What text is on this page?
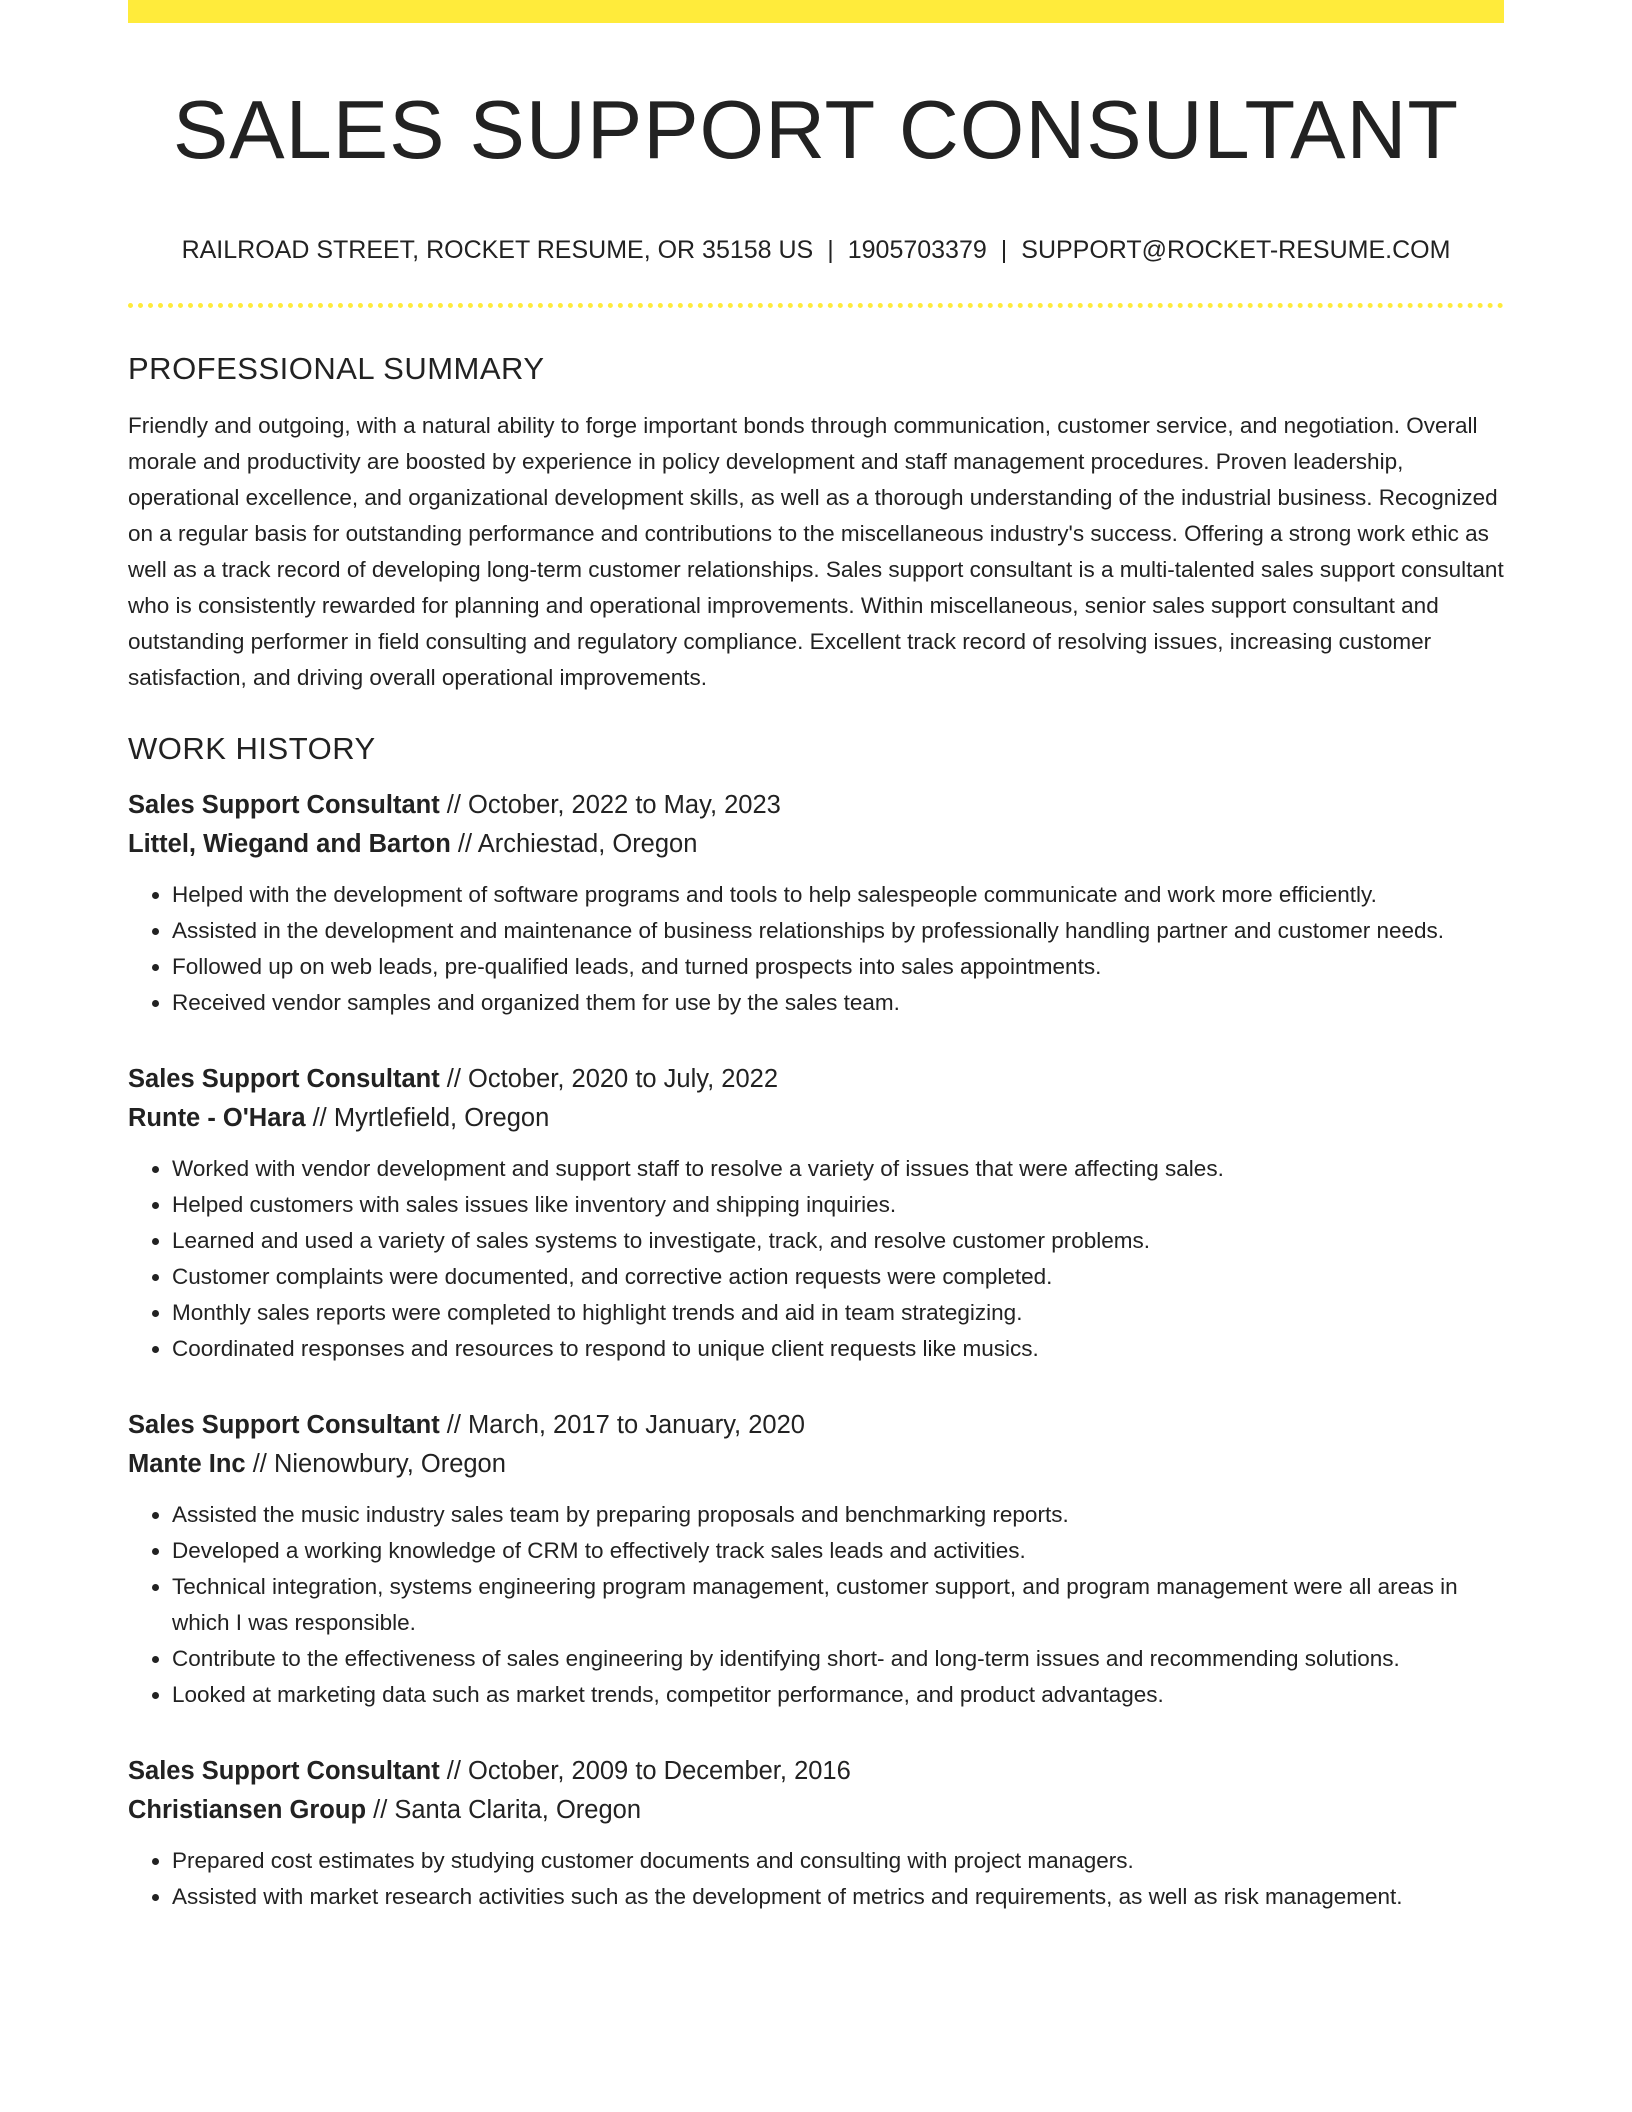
SALES SUPPORT CONSULTANT
RAILROAD STREET, ROCKET RESUME, OR 35158 US | 1905703379 | SUPPORT@ROCKET-RESUME.COM
PROFESSIONAL SUMMARY

Friendly and outgoing, with a natural ability to forge important bonds through communication, customer service, and negotiation. Overall morale and productivity are boosted by experience in policy development and staff management procedures. Proven leadership, operational excellence, and organizational development skills, as well as a thorough understanding of the industrial business. Recognized on a regular basis for outstanding performance and contributions to the miscellaneous industry's success. Offering a strong work ethic as well as a track record of developing long-term customer relationships. Sales support consultant is a multi-talented sales support consultant who is consistently rewarded for planning and operational improvements. Within miscellaneous, senior sales support consultant and outstanding performer in field consulting and regulatory compliance. Excellent track record of resolving issues, increasing customer satisfaction, and driving overall operational improvements.

WORK HISTORY
Sales Support Consultant // October, 2022 to May, 2023
Littel, Wiegand and Barton // Archiestad, Oregon
• Helped with the development of software programs and tools to help salespeople communicate and work more efficiently.
• Assisted in the development and maintenance of business relationships by professionally handling partner and customer needs.
• Followed up on web leads, pre-qualified leads, and turned prospects into sales appointments.
• Received vendor samples and organized them for use by the sales team.
Sales Support Consultant // October, 2020 to July, 2022
Runte - O'Hara // Myrtlefield, Oregon
• Worked with vendor development and support staff to resolve a variety of issues that were affecting sales.
• Helped customers with sales issues like inventory and shipping inquiries.
• Learned and used a variety of sales systems to investigate, track, and resolve customer problems.
• Customer complaints were documented, and corrective action requests were completed.
• Monthly sales reports were completed to highlight trends and aid in team strategizing.
• Coordinated responses and resources to respond to unique client requests like musics.
Sales Support Consultant // March, 2017 to January, 2020
Mante Inc // Nienowbury, Oregon
• Assisted the music industry sales team by preparing proposals and benchmarking reports.
• Developed a working knowledge of CRM to effectively track sales leads and activities.
• Technical integration, systems engineering program management, customer support, and program management were all areas in which I was responsible.
• Contribute to the effectiveness of sales engineering by identifying short- and long-term issues and recommending solutions.
• Looked at marketing data such as market trends, competitor performance, and product advantages.
Sales Support Consultant // October, 2009 to December, 2016
Christiansen Group // Santa Clarita, Oregon
• Prepared cost estimates by studying customer documents and consulting with project managers.
• Assisted with market research activities such as the development of metrics and requirements, as well as risk management.
